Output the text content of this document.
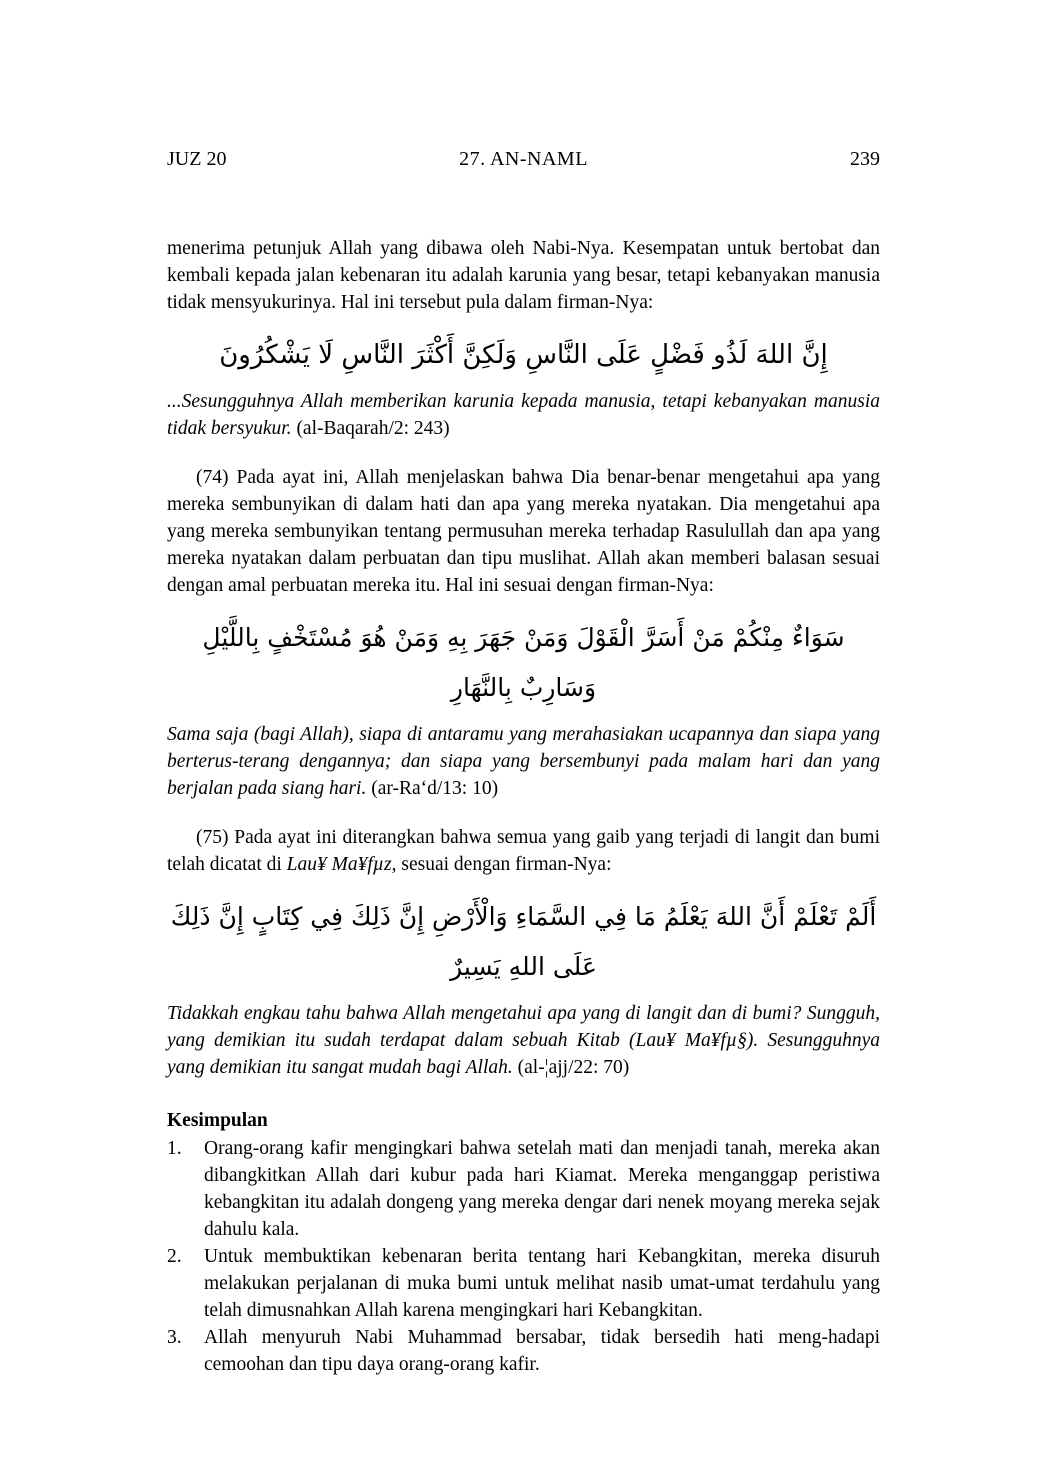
JUZ 20	27. AN-NAML	239

menerima petunjuk Allah yang dibawa oleh Nabi-Nya. Kesempatan untuk bertobat dan kembali kepada jalan kebenaran itu adalah karunia yang besar, tetapi kebanyakan manusia tidak mensyukurinya. Hal ini tersebut pula dalam firman-Nya:

إِنَّ اللهَ لَذُو فَضْلٍ عَلَى النَّاسِ وَلَكِنَّ أَكْثَرَ النَّاسِ لَا يَشْكُرُونَ

...Sesungguhnya Allah memberikan karunia kepada manusia, tetapi kebanyakan manusia tidak bersyukur. (al-Baqarah/2: 243)

(74) Pada ayat ini, Allah menjelaskan bahwa Dia benar-benar mengetahui apa yang mereka sembunyikan di dalam hati dan apa yang mereka nyatakan. Dia mengetahui apa yang mereka sembunyikan tentang permusuhan mereka terhadap Rasulullah dan apa yang mereka nyatakan dalam perbuatan dan tipu muslihat. Allah akan memberi balasan sesuai dengan amal perbuatan mereka itu. Hal ini sesuai dengan firman-Nya:

سَوَاءٌ مِنْكُمْ مَنْ أَسَرَّ الْقَوْلَ وَمَنْ جَهَرَ بِهِ وَمَنْ هُوَ مُسْتَخْفٍ بِاللَّيْلِ وَسَارِبٌ بِالنَّهَارِ

Sama saja (bagi Allah), siapa di antaramu yang merahasiakan ucapannya dan siapa yang berterus-terang dengannya; dan siapa yang bersembunyi pada malam hari dan yang berjalan pada siang hari. (ar-Ra‘d/13: 10)

(75) Pada ayat ini diterangkan bahwa semua yang gaib yang terjadi di langit dan bumi telah dicatat di Lau¥ Ma¥fµz, sesuai dengan firman-Nya:

أَلَمْ تَعْلَمْ أَنَّ اللهَ يَعْلَمُ مَا فِي السَّمَاءِ وَالْأَرْضِ إِنَّ ذَلِكَ فِي كِتَابٍ إِنَّ ذَلِكَ عَلَى اللهِ يَسِيرٌ

Tidakkah engkau tahu bahwa Allah mengetahui apa yang di langit dan di bumi? Sungguh, yang demikian itu sudah terdapat dalam sebuah Kitab (Lau¥ Ma¥fµ§). Sesungguhnya yang demikian itu sangat mudah bagi Allah. (al-¦ajj/22: 70)

Kesimpulan

1.	Orang-orang kafir mengingkari bahwa setelah mati dan menjadi tanah, mereka akan dibangkitkan Allah dari kubur pada hari Kiamat. Mereka menganggap peristiwa kebangkitan itu adalah dongeng yang mereka dengar dari nenek moyang mereka sejak dahulu kala.
2.	Untuk membuktikan kebenaran berita tentang hari Kebangkitan, mereka disuruh melakukan perjalanan di muka bumi untuk melihat nasib umat-umat terdahulu yang telah dimusnahkan Allah karena mengingkari hari Kebangkitan.
3.	Allah menyuruh Nabi Muhammad bersabar, tidak bersedih hati meng-hadapi cemoohan dan tipu daya orang-orang kafir.
